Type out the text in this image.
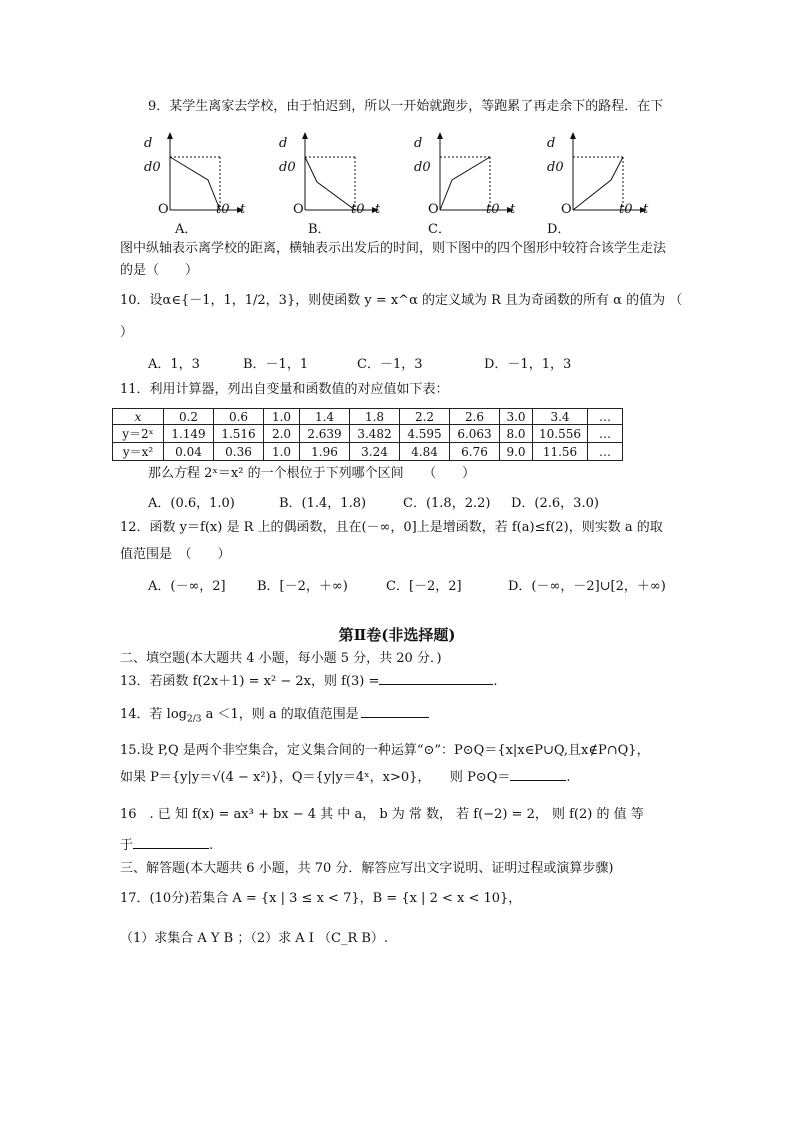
9．某学生离家去学校，由于怕迟到，所以一开始就跑步，等跑累了再走余下的路程．在下
d
d0
O	t0 t
A．
d
d0
O	t0 t
B．
d
d0
O	t0 t
C．
d
d0
O	t0 t
D．
图中纵轴表示离学校的距离，横轴表示出发后的时间，则下图中的四个图形中较符合该学生走法
的是（　　）
10．设α∈{－1，1，1/2，3}，则使函数 y = x^α 的定义域为 R 且为奇函数的所有 α 的值为 （
）
A．1，3	B．－1，1	C．－1，3	D．－1，1，3
11．利用计算器，列出自变量和函数值的对应值如下表：
x	0.2	0.6	1.0	1.4	1.8	2.2	2.6	3.0	3.4	…
y＝2ˣ	1.149	1.516	2.0	2.639	3.482	4.595	6.063	8.0	10.556	…
y＝x²	0.04	0.36	1.0	1.96	3.24	4.84	6.76	9.0	11.56	…
那么方程 2ˣ＝x² 的一个根位于下列哪个区间　　（　　）
A．(0.6，1.0)	B．(1.4，1.8)	C．(1.8，2.2) D．(2.6，3.0)
12．函数 y＝f(x) 是 R 上的偶函数，且在(－∞，0]上是增函数，若 f(a)≤f(2)，则实数 a 的取
值范围是　（　　）
A．(－∞，2] B．[－2，＋∞)	C．[－2，2]	D．(－∞，－2]∪[2，＋∞)
第Ⅱ卷(非选择题)
二、填空题(本大题共 4 小题，每小题 5 分，共 20 分．)
13．若函数 f(2x＋1) = x² − 2x，则 f(3) =	.
14．若 $\log_{2/3} a <1$，则 a 的取值范围是
15.设 P,Q 是两个非空集合，定义集合间的一种运算“⊙”：P⊙Q＝{x|x∈P∪Q,且x∉P∩Q}，
如果 P＝{y|y＝√(4 − x²)}，Q＝{y|y＝4ˣ，x>0}，　　则 P⊙Q＝	.
16　. 已 知 f(x) = ax³ + bx − 4 其 中 a， b 为 常 数， 若 f(−2) = 2， 则 f(2) 的 值 等
于	.
三、解答题(本大题共 6 小题，共 70 分．解答应写出文字说明、证明过程或演算步骤)
17．(10分)若集合 A = {x | 3 ≤ x < 7}，B = {x | 2 < x < 10}，
（1）求集合 A Y B ；（2）求 A I （C_R B）.
